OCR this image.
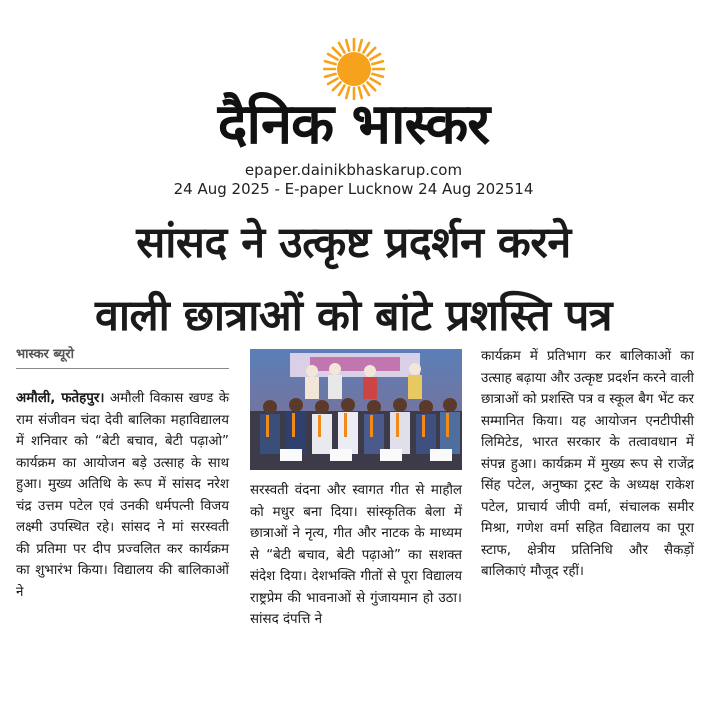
दैनिक भास्कर
epaper.dainikbhaskarup.com
24 Aug 2025 - E-paper Lucknow 24 Aug 202514
सांसद ने उत्कृष्ट प्रदर्शन करने
वाली छात्राओं को बांटे प्रशस्ति पत्र
भास्कर ब्यूरो
अमौली, फतेहपुर। अमौली विकास खण्ड के राम संजीवन चंदा देवी बालिका महाविद्यालय में शनिवार को “बेटी बचाव, बेटी पढ़ाओ” कार्यक्रम का आयोजन बड़े उत्साह के साथ हुआ। मुख्य अतिथि के रूप में सांसद नरेश चंद्र उत्तम पटेल एवं उनकी धर्मपत्नी विजय लक्ष्मी उपस्थित रहे। सांसद ने मां सरस्वती की प्रतिमा पर दीप प्रज्वलित कर कार्यक्रम का शुभारंभ किया। विद्यालय की बालिकाओं ने
सरस्वती वंदना और स्वागत गीत से माहौल को मधुर बना दिया। सांस्कृतिक बेला में छात्राओं ने नृत्य, गीत और नाटक के माध्यम से “बेटी बचाव, बेटी पढ़ाओ” का सशक्त संदेश दिया। देशभक्ति गीतों से पूरा विद्यालय राष्ट्रप्रेम की भावनाओं से गुंजायमान हो उठा। सांसद दंपत्ति ने
कार्यक्रम में प्रतिभाग कर बालिकाओं का उत्साह बढ़ाया और उत्कृष्ट प्रदर्शन करने वाली छात्राओं को प्रशस्ति पत्र व स्कूल बैग भेंट कर सम्मानित किया। यह आयोजन एनटीपीसी लिमिटेड, भारत सरकार के तत्वावधान में संपन्न हुआ। कार्यक्रम में मुख्य रूप से राजेंद्र सिंह पटेल, अनुष्का ट्रस्ट के अध्यक्ष राकेश पटेल, प्राचार्य जीपी वर्मा, संचालक समीर मिश्रा, गणेश वर्मा सहित विद्यालय का पूरा स्टाफ, क्षेत्रीय प्रतिनिधि और सैकड़ों बालिकाएं मौजूद रहीं।
